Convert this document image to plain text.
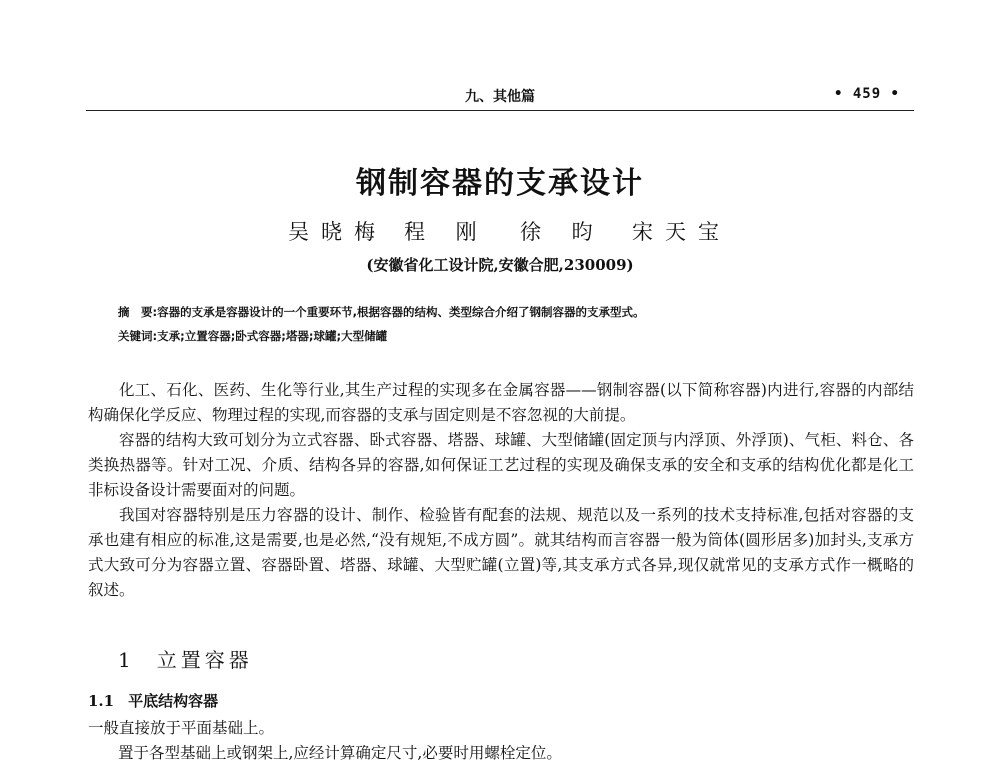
九、其他篇	• 459 •
钢制容器的支承设计
吴晓梅 程 刚 徐 昀 宋天宝
(安徽省化工设计院,安徽合肥,230009)
摘　要:容器的支承是容器设计的一个重要环节,根据容器的结构、类型综合介绍了钢制容器的支承型式。
关键词:支承;立置容器;卧式容器;塔器;球罐;大型储罐

化工、石化、医药、生化等行业,其生产过程的实现多在金属容器——钢制容器(以下简称容器)内进行,容器的内部结构确保化学反应、物理过程的实现,而容器的支承与固定则是不容忽视的大前提。

容器的结构大致可划分为立式容器、卧式容器、塔器、球罐、大型储罐(固定顶与内浮顶、外浮顶)、气柜、料仓、各类换热器等。针对工况、介质、结构各异的容器,如何保证工艺过程的实现及确保支承的安全和支承的结构优化都是化工非标设备设计需要面对的问题。

我国对容器特别是压力容器的设计、制作、检验皆有配套的法规、规范以及一系列的技术支持标准,包括对容器的支承也建有相应的标准,这是需要,也是必然,“没有规矩,不成方圆”。就其结构而言容器一般为筒体(圆形居多)加封头,支承方式大致可分为容器立置、容器卧置、塔器、球罐、大型贮罐(立置)等,其支承方式各异,现仅就常见的支承方式作一概略的叙述。

1 立置容器
1.1 平底结构容器
一般直接放于平面基础上。
置于各型基础上或钢架上,应经计算确定尺寸,必要时用螺栓定位。
